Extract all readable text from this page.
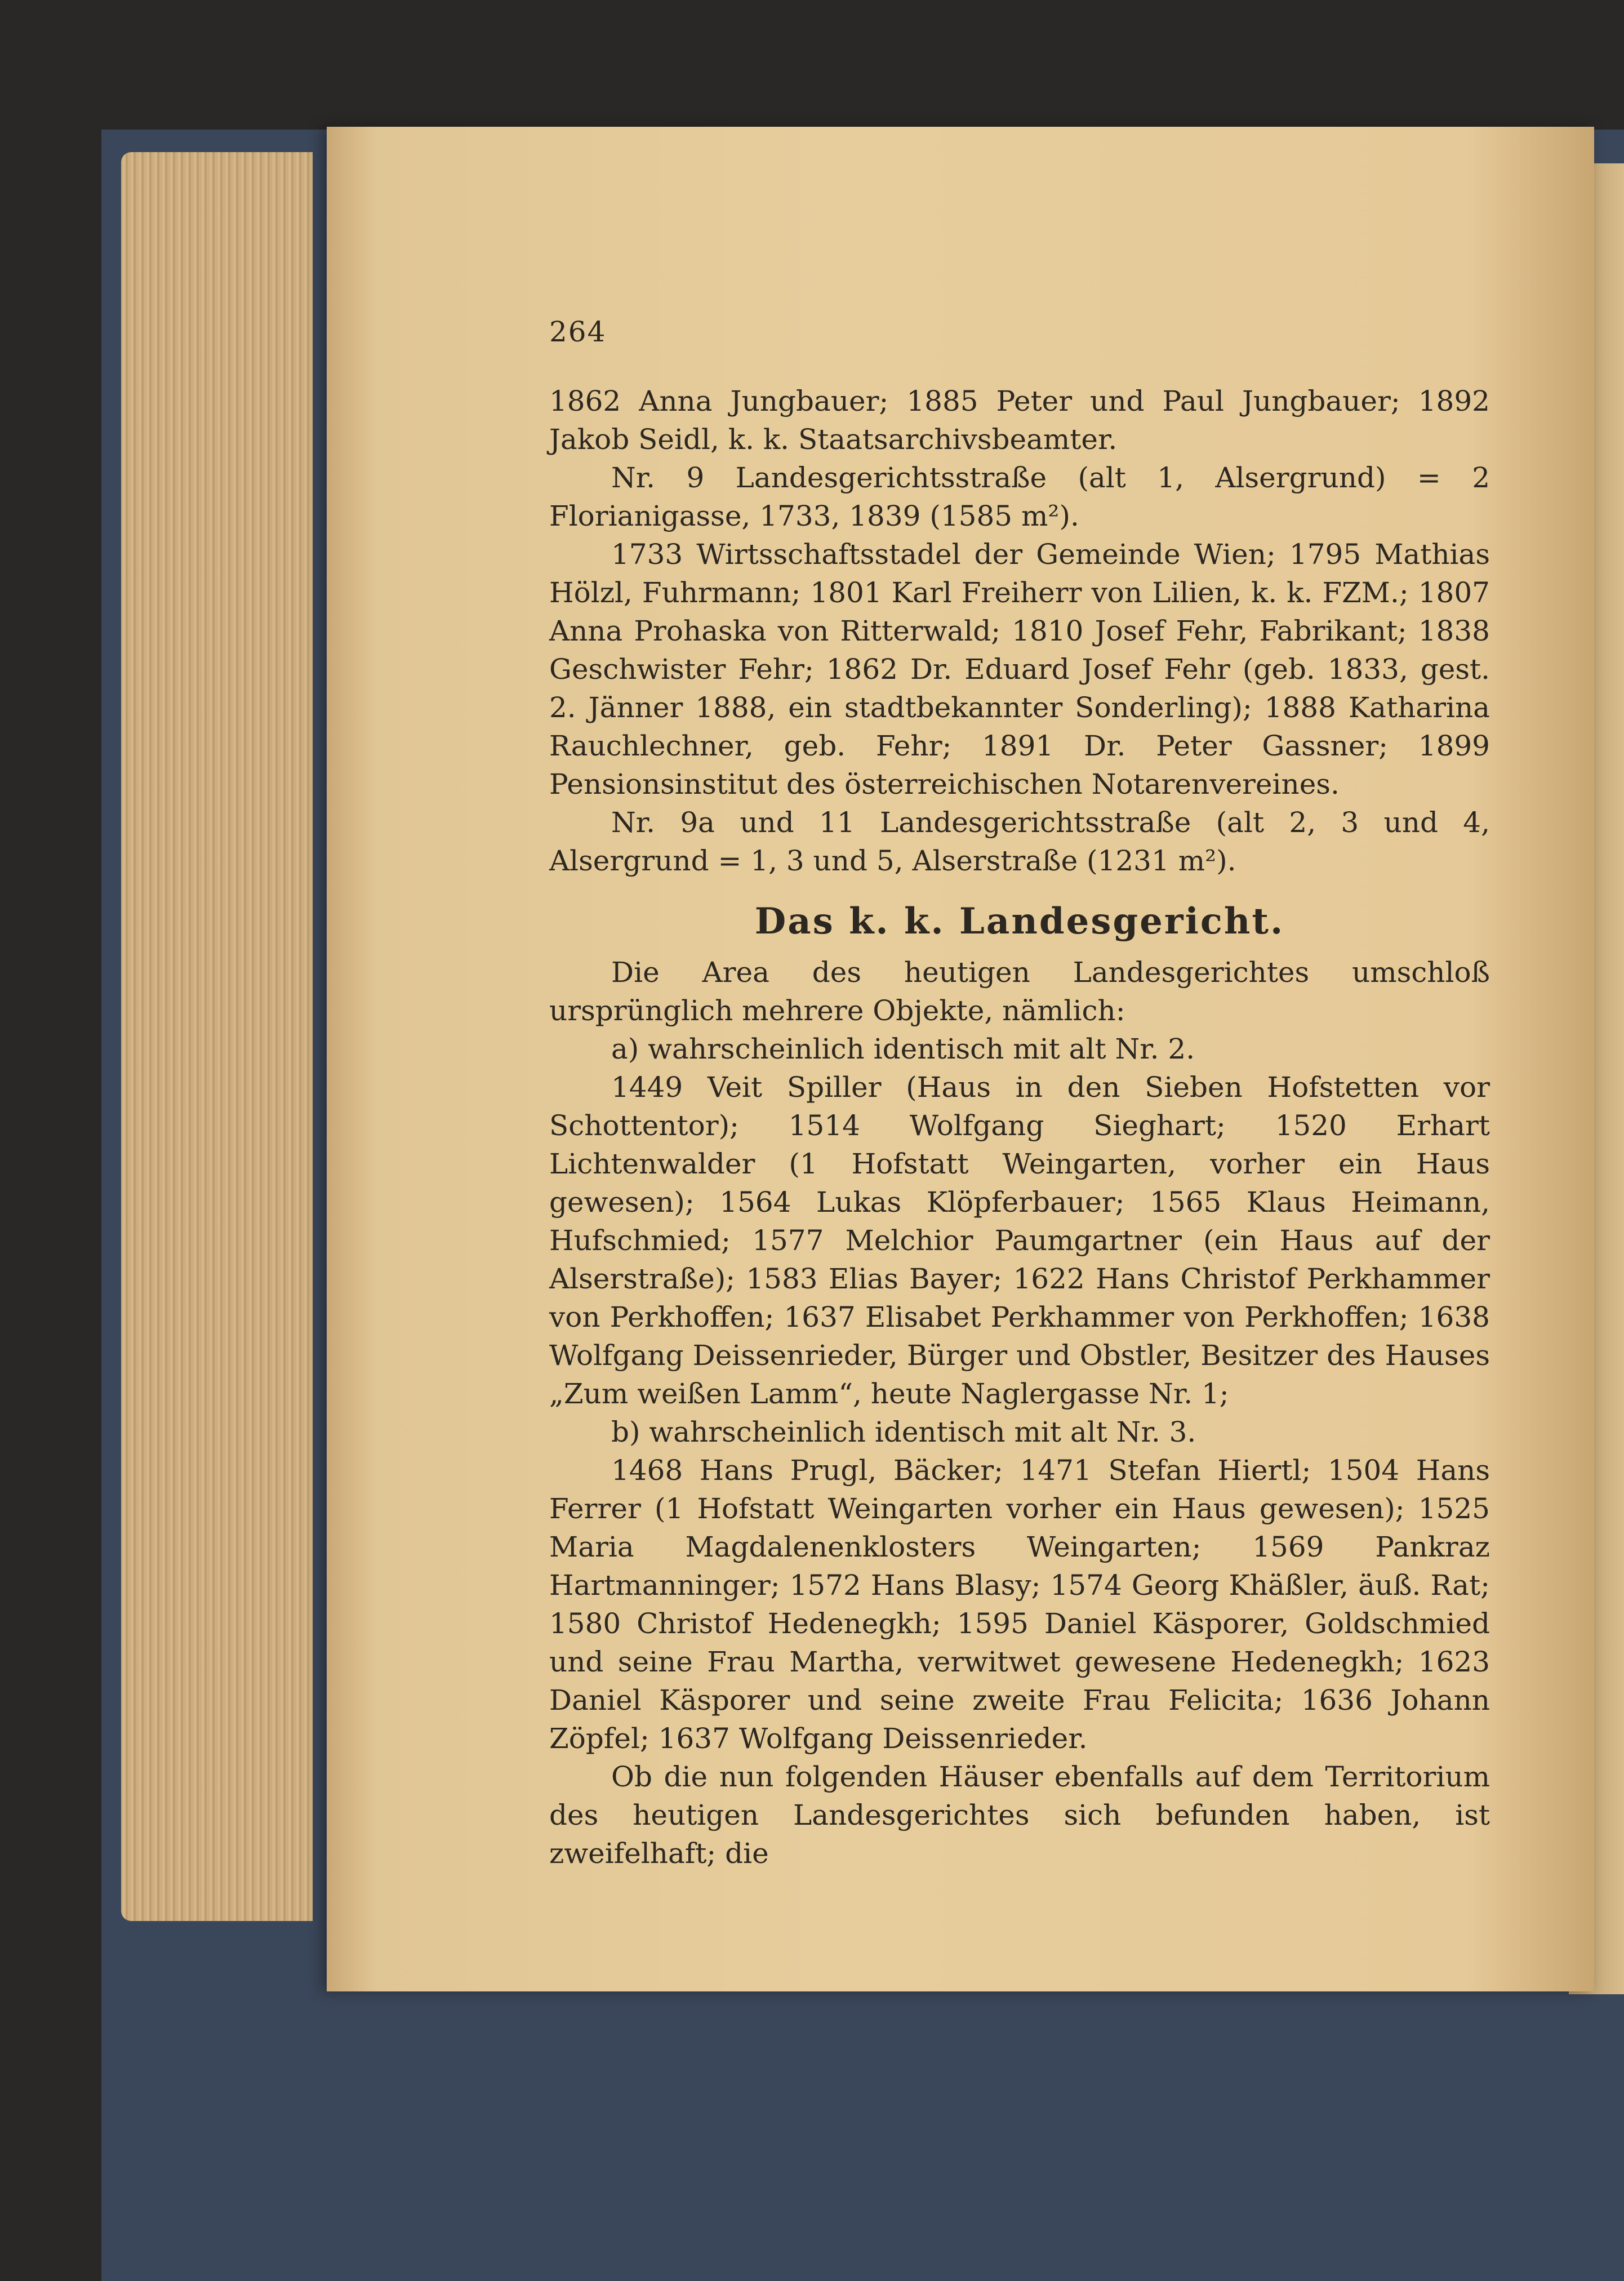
264

1862 Anna Jungbauer; 1885 Peter und Paul Jungbauer; 1892 Jakob Seidl, k. k. Staatsarchivsbeamter.

Nr. 9 Landesgerichtsstraße (alt 1, Alsergrund) = 2 Florianigasse, 1733, 1839 (1585 m²).

1733 Wirtsschaftsstadel der Gemeinde Wien; 1795 Mathias Hölzl, Fuhrmann; 1801 Karl Freiherr von Lilien, k. k. FZM.; 1807 Anna Prohaska von Ritterwald; 1810 Josef Fehr, Fabrikant; 1838 Geschwister Fehr; 1862 Dr. Eduard Josef Fehr (geb. 1833, gest. 2. Jänner 1888, ein stadtbekannter Sonderling); 1888 Katharina Rauchlechner, geb. Fehr; 1891 Dr. Peter Gassner; 1899 Pensionsinstitut des österreichischen Notarenvereines.

Nr. 9a und 11 Landesgerichtsstraße (alt 2, 3 und 4, Alsergrund = 1, 3 und 5, Alserstraße (1231 m²).

Das k. k. Landesgericht.

Die Area des heutigen Landesgerichtes umschloß ursprünglich mehrere Objekte, nämlich:

a) wahrscheinlich identisch mit alt Nr. 2.

1449 Veit Spiller (Haus in den Sieben Hofstetten vor Schottentor); 1514 Wolfgang Sieghart; 1520 Erhart Lichtenwalder (1 Hofstatt Weingarten, vorher ein Haus gewesen); 1564 Lukas Klöpferbauer; 1565 Klaus Heimann, Hufschmied; 1577 Melchior Paumgartner (ein Haus auf der Alserstraße); 1583 Elias Bayer; 1622 Hans Christof Perkhammer von Perkhoffen; 1637 Elisabet Perkhammer von Perkhoffen; 1638 Wolfgang Deissenrieder, Bürger und Obstler, Besitzer des Hauses „Zum weißen Lamm“, heute Naglergasse Nr. 1;

b) wahrscheinlich identisch mit alt Nr. 3.

1468 Hans Prugl, Bäcker; 1471 Stefan Hiertl; 1504 Hans Ferrer (1 Hofstatt Weingarten vorher ein Haus gewesen); 1525 Maria Magdalenenklosters Weingarten; 1569 Pankraz Hartmanninger; 1572 Hans Blasy; 1574 Georg Khäßler, äuß. Rat; 1580 Christof Hedenegkh; 1595 Daniel Käsporer, Goldschmied und seine Frau Martha, verwitwet gewesene Hedenegkh; 1623 Daniel Käsporer und seine zweite Frau Felicita; 1636 Johann Zöpfel; 1637 Wolfgang Deissenrieder.

Ob die nun folgenden Häuser ebenfalls auf dem Territorium des heutigen Landesgerichtes sich befunden haben, ist zweifelhaft; die
